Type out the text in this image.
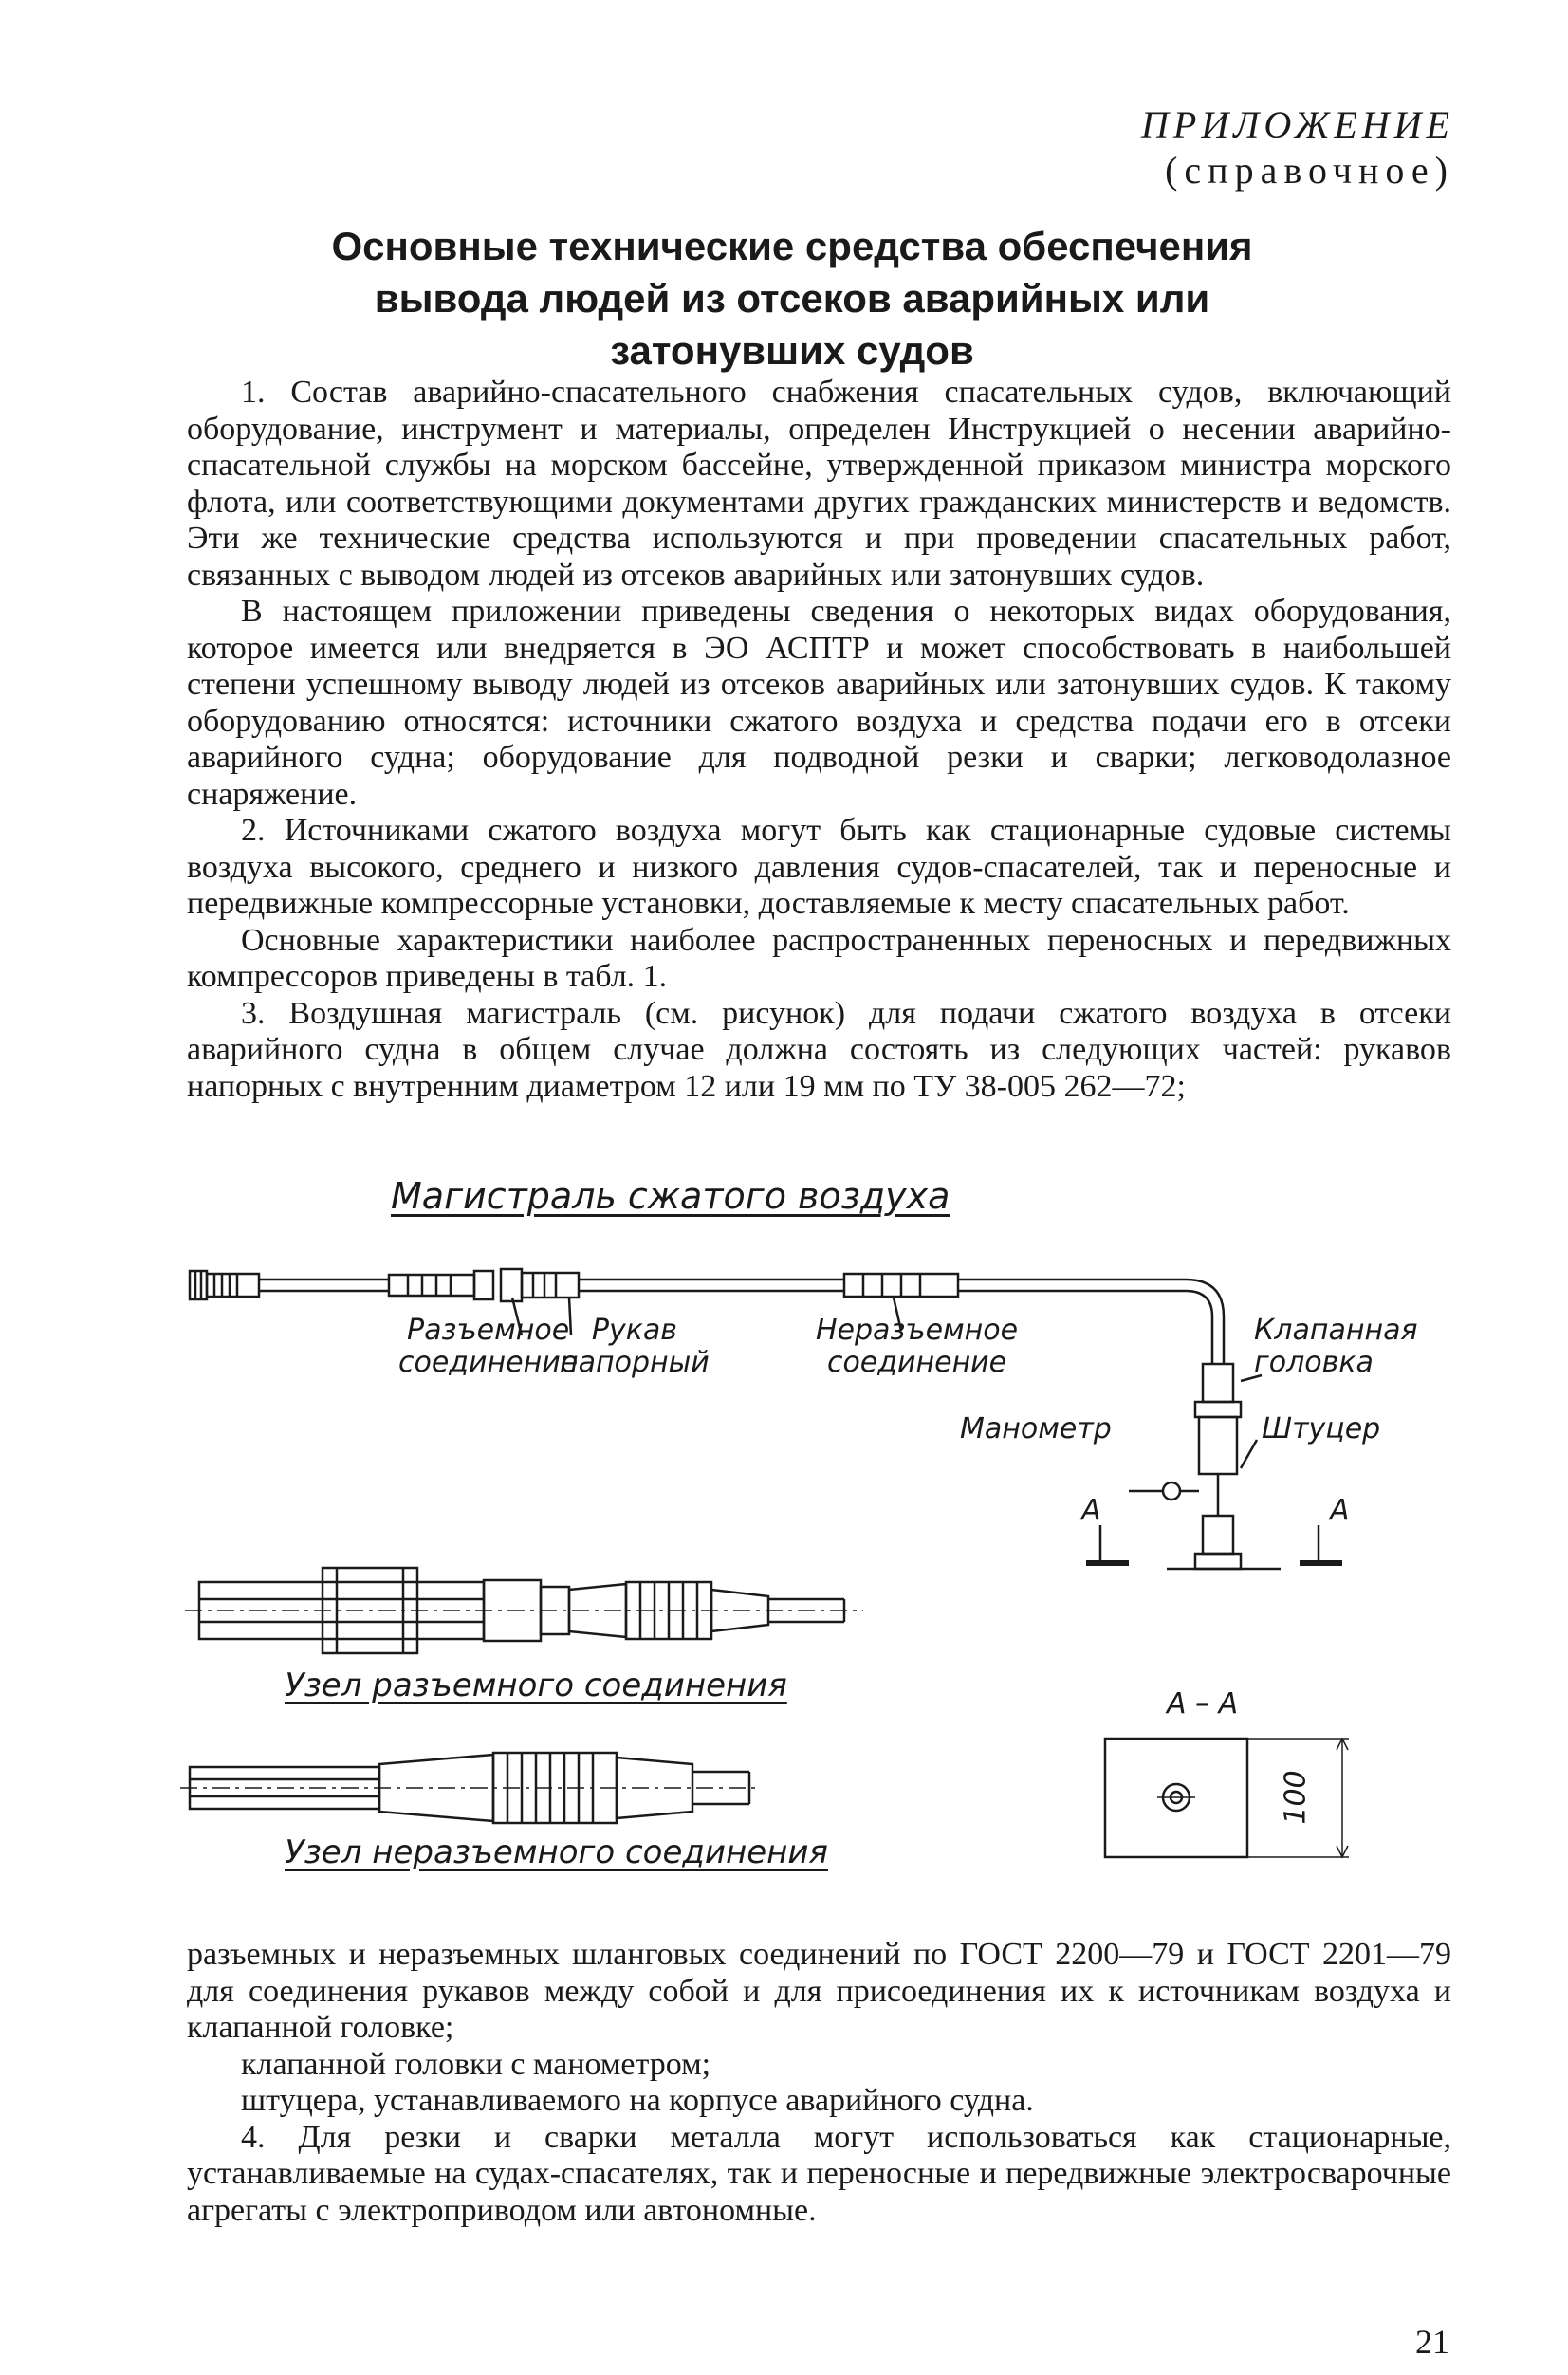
ПРИЛОЖЕНИЕ
(справочное)
Основные технические средства обеспечения
вывода людей из отсеков аварийных или
затонувших судов

1. Состав аварийно-спасательного снабжения спасательных судов, включающий оборудование, инструмент и материалы, определен Инструкцией о несении аварийно-спасательной службы на морском бассейне, утвержденной приказом министра морского флота, или соответствующими документами других гражданских министерств и ведомств. Эти же технические средства используются и при проведении спасательных работ, связанных с выводом людей из отсеков аварийных или затонувших судов.

В настоящем приложении приведены сведения о некоторых видах оборудования, которое имеется или внедряется в ЭО АСПТР и может способствовать в наибольшей степени успешному выводу людей из отсеков аварийных или затонувших судов. К такому оборудованию относятся: источники сжатого воздуха и средства подачи его в отсеки аварийного судна; оборудование для подводной резки и сварки; легководолазное снаряжение.

2. Источниками сжатого воздуха могут быть как стационарные судовые системы воздуха высокого, среднего и низкого давления судов-спасателей, так и переносные и передвижные компрессорные установки, доставляемые к месту спасательных работ.

Основные характеристики наиболее распространенных переносных и передвижных компрессоров приведены в табл. 1.

3. Воздушная магистраль (см. рисунок) для подачи сжатого воздуха в отсеки аварийного судна в общем случае должна состоять из следующих частей: рукавов напорных с внутренним диаметром 12 или 19 мм по ТУ 38-005 262—72;

Магистраль сжатого воздуха
Разъемное
соединение
Рукав
напорный
Неразъемное
соединение
Клапанная
головка
Манометр	Штуцер
А	А
Узел разъемного соединения	А – А
100
Узел неразъемного соединения

разъемных и неразъемных шланговых соединений по ГОСТ 2200—79 и ГОСТ 2201—79 для соединения рукавов между собой и для присоединения их к источникам воздуха и клапанной головке;

клапанной головки с манометром;

штуцера, устанавливаемого на корпусе аварийного судна.

4. Для резки и сварки металла могут использоваться как стационарные, устанавливаемые на судах-спасателях, так и переносные и передвижные электросварочные агрегаты с электроприводом или автономные.

21
